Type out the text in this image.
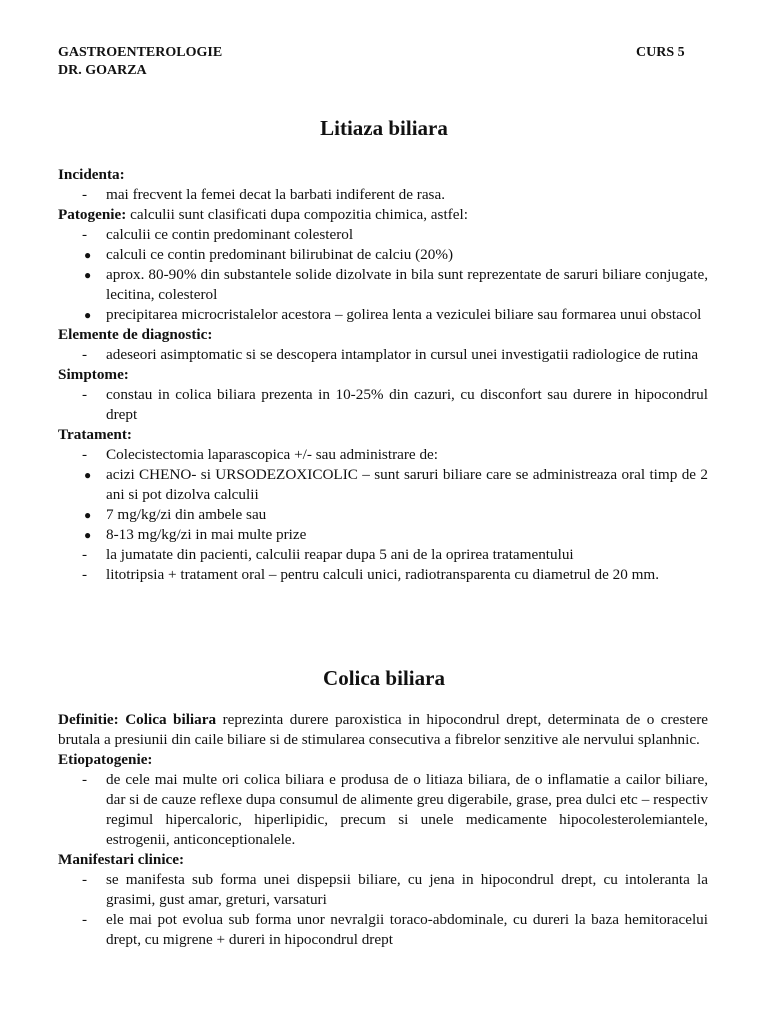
GASTROENTEROLOGIE
DR. GOARZA
CURS 5
Litiaza biliara
Incidenta:
-	mai frecvent la femei decat la barbati indiferent de rasa.
Patogenie: calculii sunt clasificati dupa compozitia chimica, astfel:
-	calculii ce contin predominant colesterol
● calculi ce contin predominant bilirubinat de calciu (20%)
● aprox. 80-90% din substantele solide dizolvate in bila sunt reprezentate de saruri biliare conjugate, lecitina, colesterol
● precipitarea microcristalelor acestora – golirea lenta a veziculei biliare sau formarea unui obstacol
Elemente de diagnostic:
-	adeseori asimptomatic si se descopera intamplator in cursul unei investigatii radiologice de rutina
Simptome:
-	constau in colica biliara prezenta in 10-25% din cazuri, cu disconfort sau durere in hipocondrul drept
Tratament:
-	Colecistectomia laparascopica +/- sau administrare de:
● acizi CHENO- si URSODEZOXICOLIC – sunt saruri biliare care se administreaza oral timp de 2 ani si pot dizolva calculii
● 7 mg/kg/zi din ambele sau
● 8-13 mg/kg/zi in mai multe prize
-	la jumatate din pacienti, calculii reapar dupa 5 ani de la oprirea tratamentului
-	litotripsia + tratament oral – pentru calculi unici, radiotransparenta cu diametrul de 20 mm.
Colica biliara
Definitie: Colica biliara reprezinta durere paroxistica in hipocondrul drept, determinata de o crestere brutala a presiunii din caile biliare si de stimularea consecutiva a fibrelor senzitive ale nervului splanhnic.
Etiopatogenie:
-	de cele mai multe ori colica biliara e produsa de o litiaza biliara, de o inflamatie a cailor biliare, dar si de cauze reflexe dupa consumul de alimente greu digerabile, grase, prea dulci etc – respectiv regimul hipercaloric, hiperlipidic, precum si unele medicamente hipocolesterolemiantele, estrogenii, anticonceptionalele.
Manifestari clinice:
-	se manifesta sub forma unei dispepsii biliare, cu jena in hipocondrul drept, cu intoleranta la grasimi, gust amar, greturi, varsaturi
-	ele mai pot evolua sub forma unor nevralgii toraco-abdominale, cu dureri la baza hemitoracelui drept, cu migrene + dureri in hipocondrul drept
